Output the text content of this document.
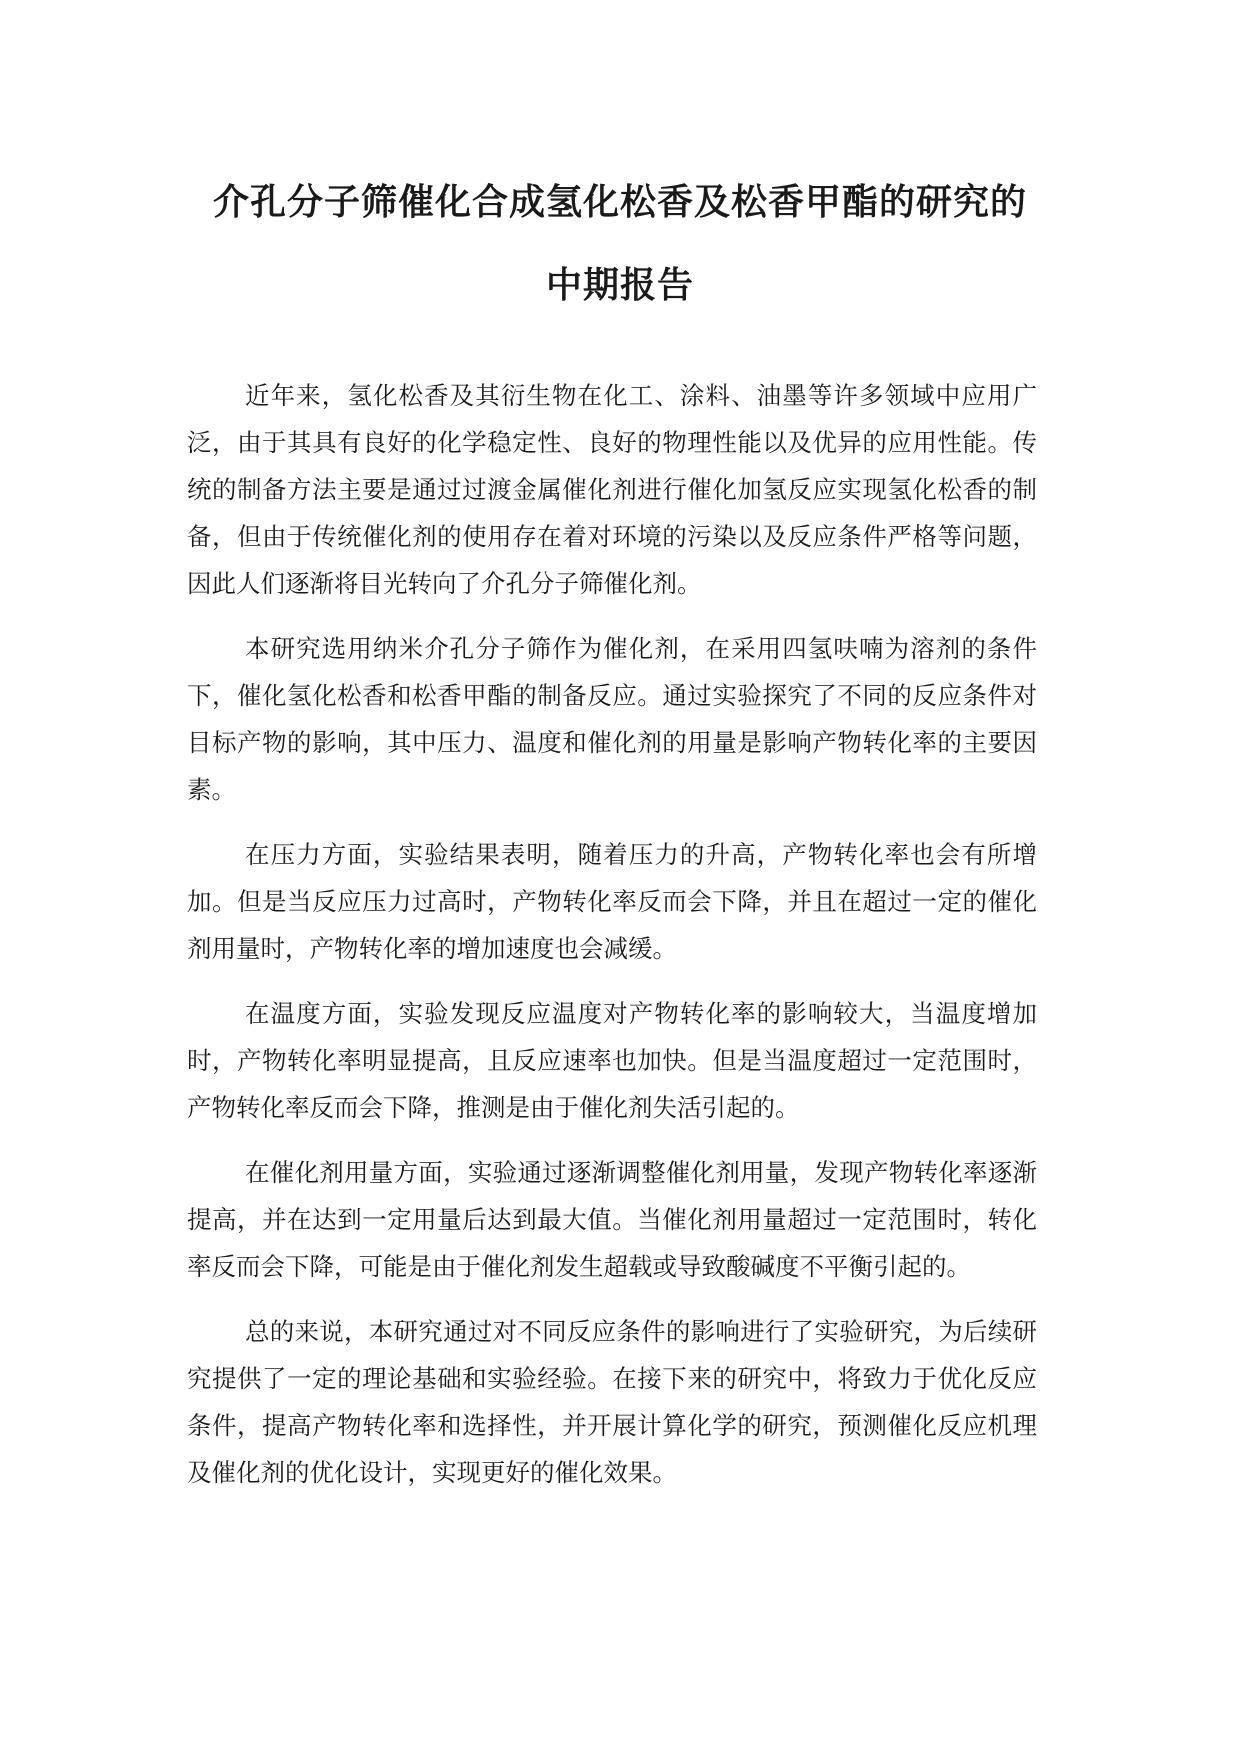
介孔分子筛催化合成氢化松香及松香甲酯的研究的
中期报告

近年来，氢化松香及其衍生物在化工、涂料、油墨等许多领域中应用广泛，由于其具有良好的化学稳定性、良好的物理性能以及优异的应用性能。传统的制备方法主要是通过过渡金属催化剂进行催化加氢反应实现氢化松香的制备，但由于传统催化剂的使用存在着对环境的污染以及反应条件严格等问题，因此人们逐渐将目光转向了介孔分子筛催化剂。

本研究选用纳米介孔分子筛作为催化剂，在采用四氢呋喃为溶剂的条件下，催化氢化松香和松香甲酯的制备反应。通过实验探究了不同的反应条件对目标产物的影响，其中压力、温度和催化剂的用量是影响产物转化率的主要因素。

在压力方面，实验结果表明，随着压力的升高，产物转化率也会有所增加。但是当反应压力过高时，产物转化率反而会下降，并且在超过一定的催化剂用量时，产物转化率的增加速度也会减缓。

在温度方面，实验发现反应温度对产物转化率的影响较大，当温度增加时，产物转化率明显提高，且反应速率也加快。但是当温度超过一定范围时，产物转化率反而会下降，推测是由于催化剂失活引起的。

在催化剂用量方面，实验通过逐渐调整催化剂用量，发现产物转化率逐渐提高，并在达到一定用量后达到最大值。当催化剂用量超过一定范围时，转化率反而会下降，可能是由于催化剂发生超载或导致酸碱度不平衡引起的。

总的来说，本研究通过对不同反应条件的影响进行了实验研究，为后续研究提供了一定的理论基础和实验经验。在接下来的研究中，将致力于优化反应条件，提高产物转化率和选择性，并开展计算化学的研究，预测催化反应机理及催化剂的优化设计，实现更好的催化效果。
